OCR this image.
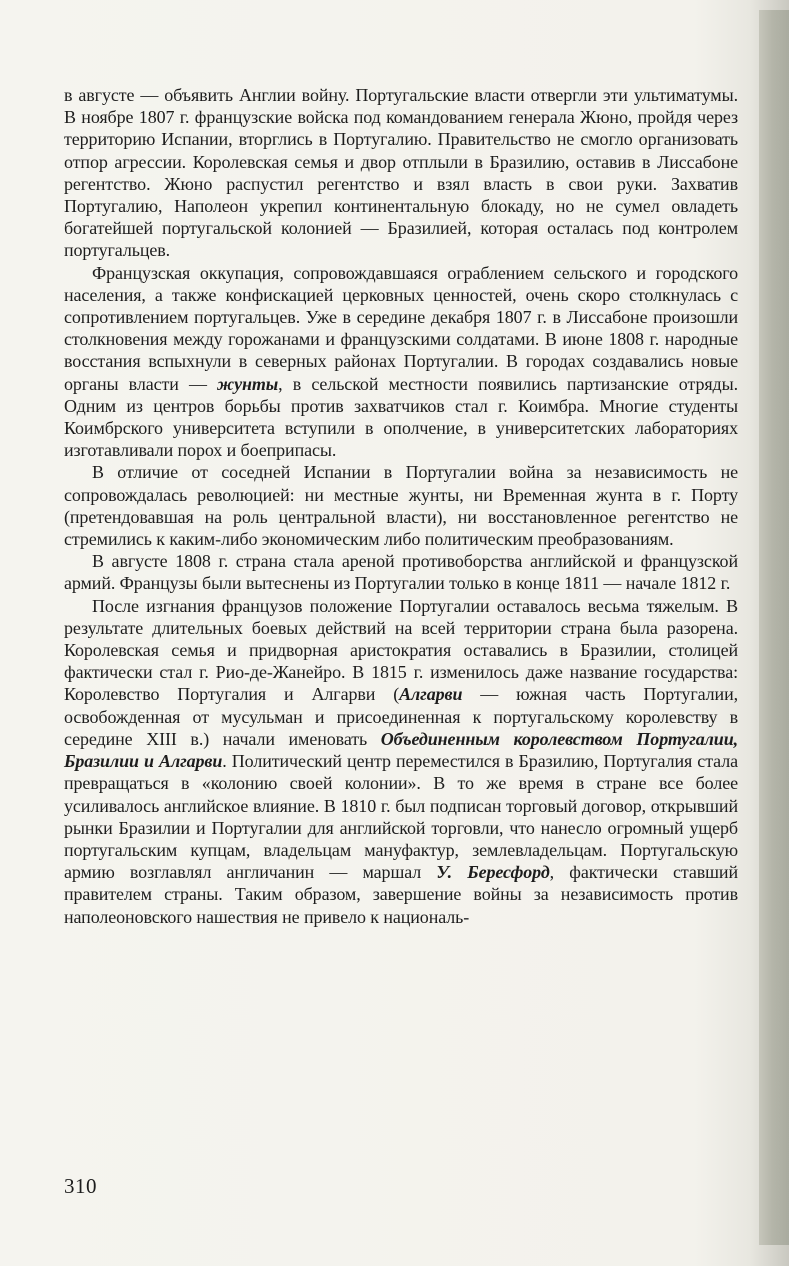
в августе — объявить Англии войну. Португальские власти отвергли эти ультиматумы. В ноябре 1807 г. французские войска под командованием генерала Жюно, пройдя через территорию Испании, вторглись в Португалию. Правительство не смогло организовать отпор агрессии. Королевская семья и двор отплыли в Бразилию, оставив в Лиссабоне регентство. Жюно распустил регентство и взял власть в свои руки. Захватив Португалию, Наполеон укрепил континентальную блокаду, но не сумел овладеть богатейшей португальской колонией — Бразилией, которая осталась под контролем португальцев.

Французская оккупация, сопровождавшаяся ограблением сельского и городского населения, а также конфискацией церковных ценностей, очень скоро столкнулась с сопротивлением португальцев. Уже в середине декабря 1807 г. в Лиссабоне произошли столкновения между горожанами и французскими солдатами. В июне 1808 г. народные восстания вспыхнули в северных районах Португалии. В городах создавались новые органы власти — жунты, в сельской местности появились партизанские отряды. Одним из центров борьбы против захватчиков стал г. Коимбра. Многие студенты Коимбрского университета вступили в ополчение, в университетских лабораториях изготавливали порох и боеприпасы.

В отличие от соседней Испании в Португалии война за независимость не сопровождалась революцией: ни местные жунты, ни Временная жунта в г. Порту (претендовавшая на роль центральной власти), ни восстановленное регентство не стремились к каким-либо экономическим либо политическим преобразованиям.

В августе 1808 г. страна стала ареной противоборства английской и французской армий. Французы были вытеснены из Португалии только в конце 1811 — начале 1812 г.

После изгнания французов положение Португалии оставалось весьма тяжелым. В результате длительных боевых действий на всей территории страна была разорена. Королевская семья и придворная аристократия оставались в Бразилии, столицей фактически стал г. Рио-де-Жанейро. В 1815 г. изменилось даже название государства: Королевство Португалия и Алгарви (Алгарви — южная часть Португалии, освобожденная от мусульман и присоединенная к португальскому королевству в середине XIII в.) начали именовать Объединенным королевством Португалии, Бразилии и Алгарви. Политический центр переместился в Бразилию, Португалия стала превращаться в «колонию своей колонии». В то же время в стране все более усиливалось английское влияние. В 1810 г. был подписан торговый договор, открывший рынки Бразилии и Португалии для английской торговли, что нанесло огромный ущерб португальским купцам, владельцам мануфактур, землевладельцам. Португальскую армию возглавлял англичанин — маршал У. Бересфорд, фактически ставший правителем страны. Таким образом, завершение войны за независимость против наполеоновского нашествия не привело к националь-

310
